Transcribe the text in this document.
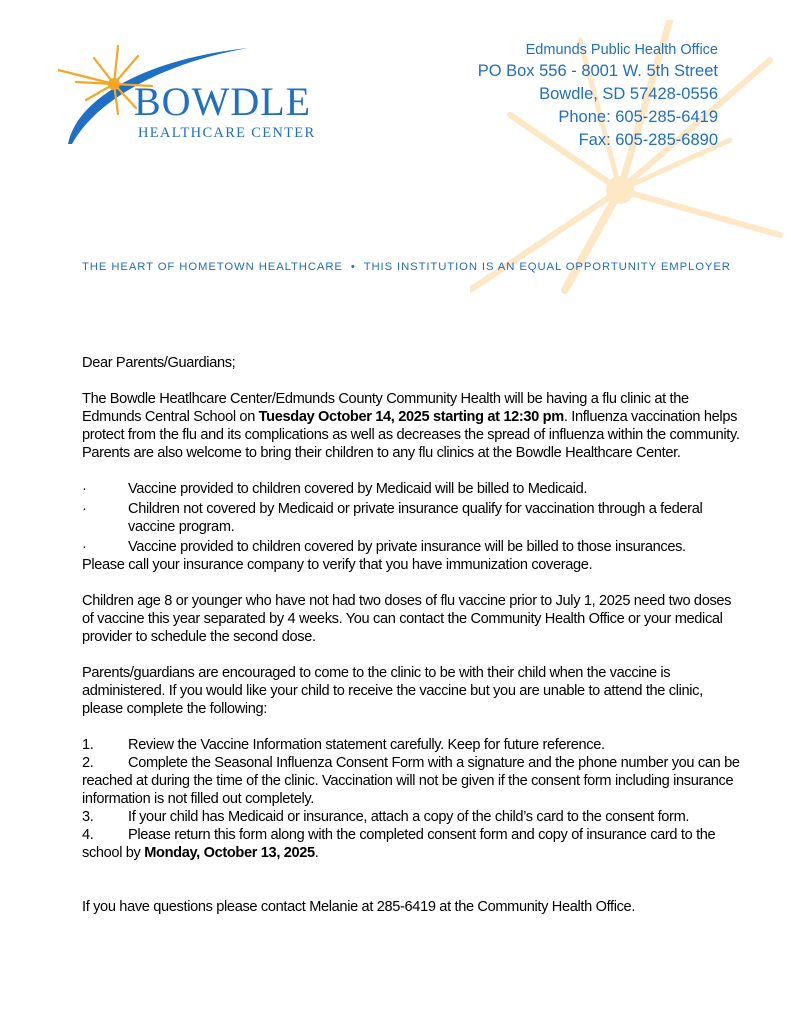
BOWDLE
HEALTHCARE CENTER
Edmunds Public Health Office
PO Box 556 - 8001 W. 5th Street
Bowdle, SD 57428-0556
Phone: 605-285-6419
Fax: 605-285-6890
THE HEART OF HOMETOWN HEALTHCARE • THIS INSTITUTION IS AN EQUAL OPPORTUNITY EMPLOYER

Dear Parents/Guardians;

The Bowdle Heatlhcare Center/Edmunds County Community Health will be having a flu clinic at the Edmunds Central School on Tuesday October 14, 2025 starting at 12:30 pm. Influenza vaccination helps protect from the flu and its complications as well as decreases the spread of influenza within the community. Parents are also welcome to bring their children to any flu clinics at the Bowdle Healthcare Center.

·	Vaccine provided to children covered by Medicaid will be billed to Medicaid.
·	Children not covered by Medicaid or private insurance qualify for vaccination through a federal vaccine program.
·	Vaccine provided to children covered by private insurance will be billed to those insurances.

Please call your insurance company to verify that you have immunization coverage.

Children age 8 or younger who have not had two doses of flu vaccine prior to July 1, 2025 need two doses of vaccine this year separated by 4 weeks. You can contact the Community Health Office or your medical provider to schedule the second dose.

Parents/guardians are encouraged to come to the clinic to be with their child when the vaccine is administered. If you would like your child to receive the vaccine but you are unable to attend the clinic, please complete the following:

1. Review the Vaccine Information statement carefully. Keep for future reference.

2. Complete the Seasonal Influenza Consent Form with a signature and the phone number you can be reached at during the time of the clinic. Vaccination will not be given if the consent form including insurance information is not filled out completely.

3. If your child has Medicaid or insurance, attach a copy of the child’s card to the consent form.

4. Please return this form along with the completed consent form and copy of insurance card to the school by Monday, October 13, 2025.

If you have questions please contact Melanie at 285-6419 at the Community Health Office.
